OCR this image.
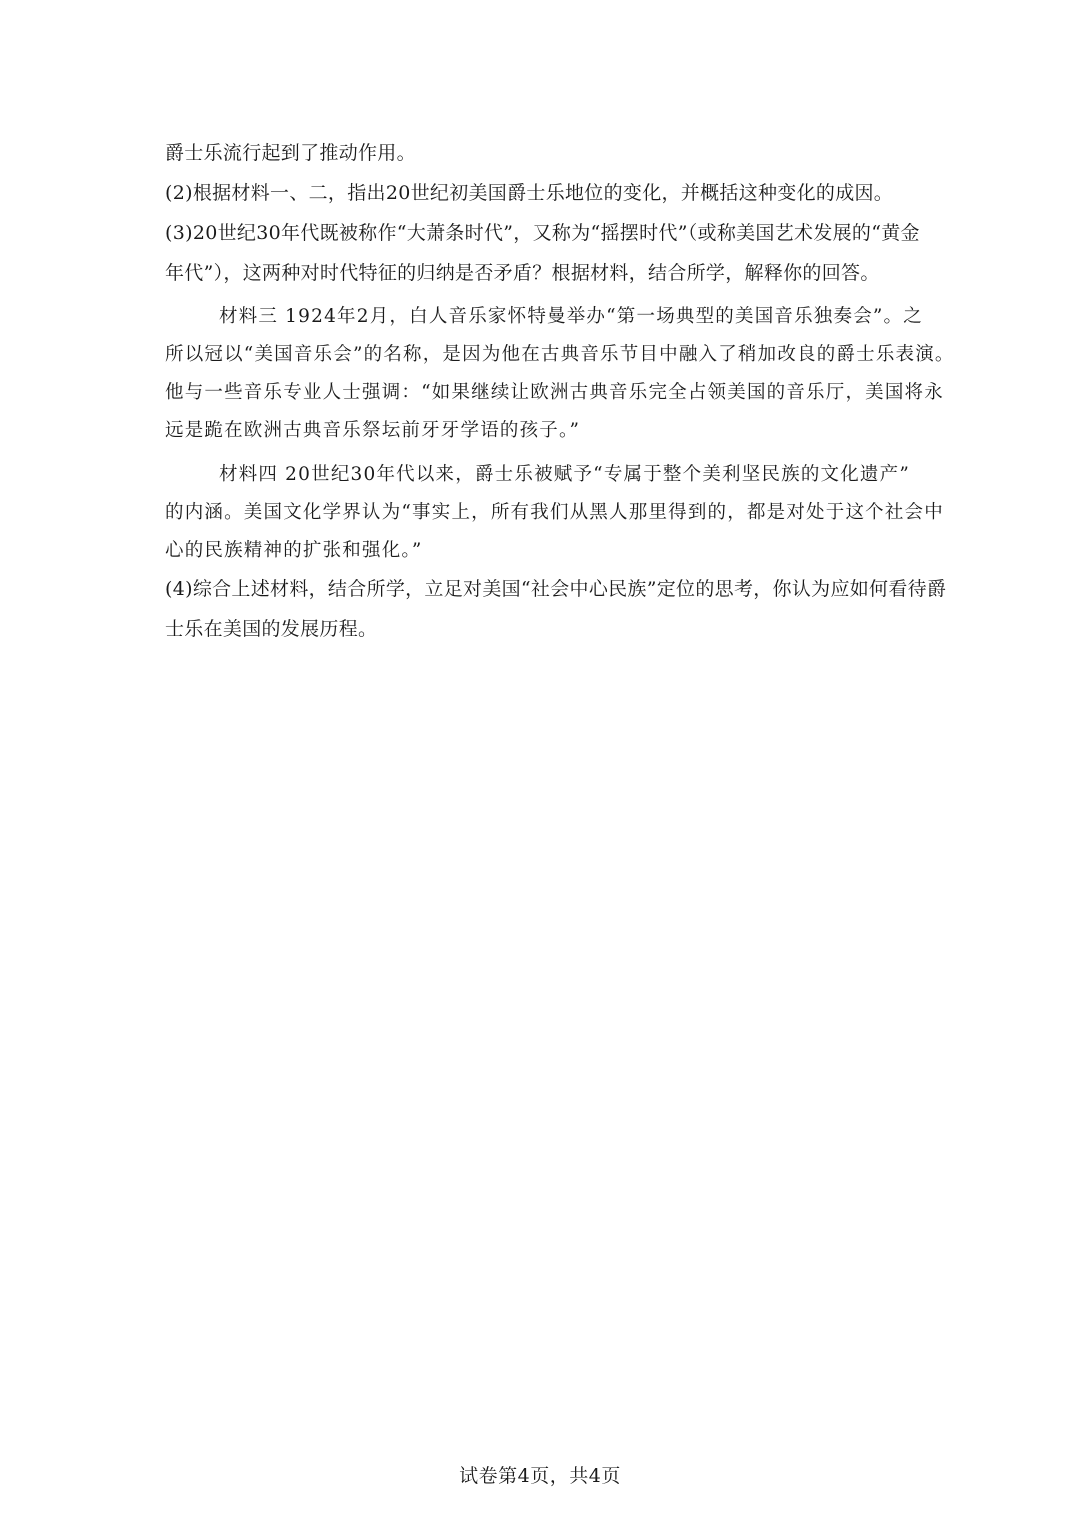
爵士乐流行起到了推动作用。
(2)根据材料一、二，指出20世纪初美国爵士乐地位的变化，并概括这种变化的成因。
(3)20世纪30年代既被称作“大萧条时代”，又称为“摇摆时代”（或称美国艺术发展的“黄金
年代”），这两种对时代特征的归纳是否矛盾？根据材料，结合所学，解释你的回答。
材料三 1924年2月，白人音乐家怀特曼举办“第一场典型的美国音乐独奏会”。之
所以冠以“美国音乐会”的名称，是因为他在古典音乐节目中融入了稍加改良的爵士乐表演。
他与一些音乐专业人士强调：“如果继续让欧洲古典音乐完全占领美国的音乐厅，美国将永
远是跪在欧洲古典音乐祭坛前牙牙学语的孩子。”
材料四 20世纪30年代以来，爵士乐被赋予“专属于整个美利坚民族的文化遗产”
的内涵。美国文化学界认为“事实上，所有我们从黑人那里得到的，都是对处于这个社会中
心的民族精神的扩张和强化。”
(4)综合上述材料，结合所学，立足对美国“社会中心民族”定位的思考，你认为应如何看待爵
士乐在美国的发展历程。
试卷第4页，共4页
